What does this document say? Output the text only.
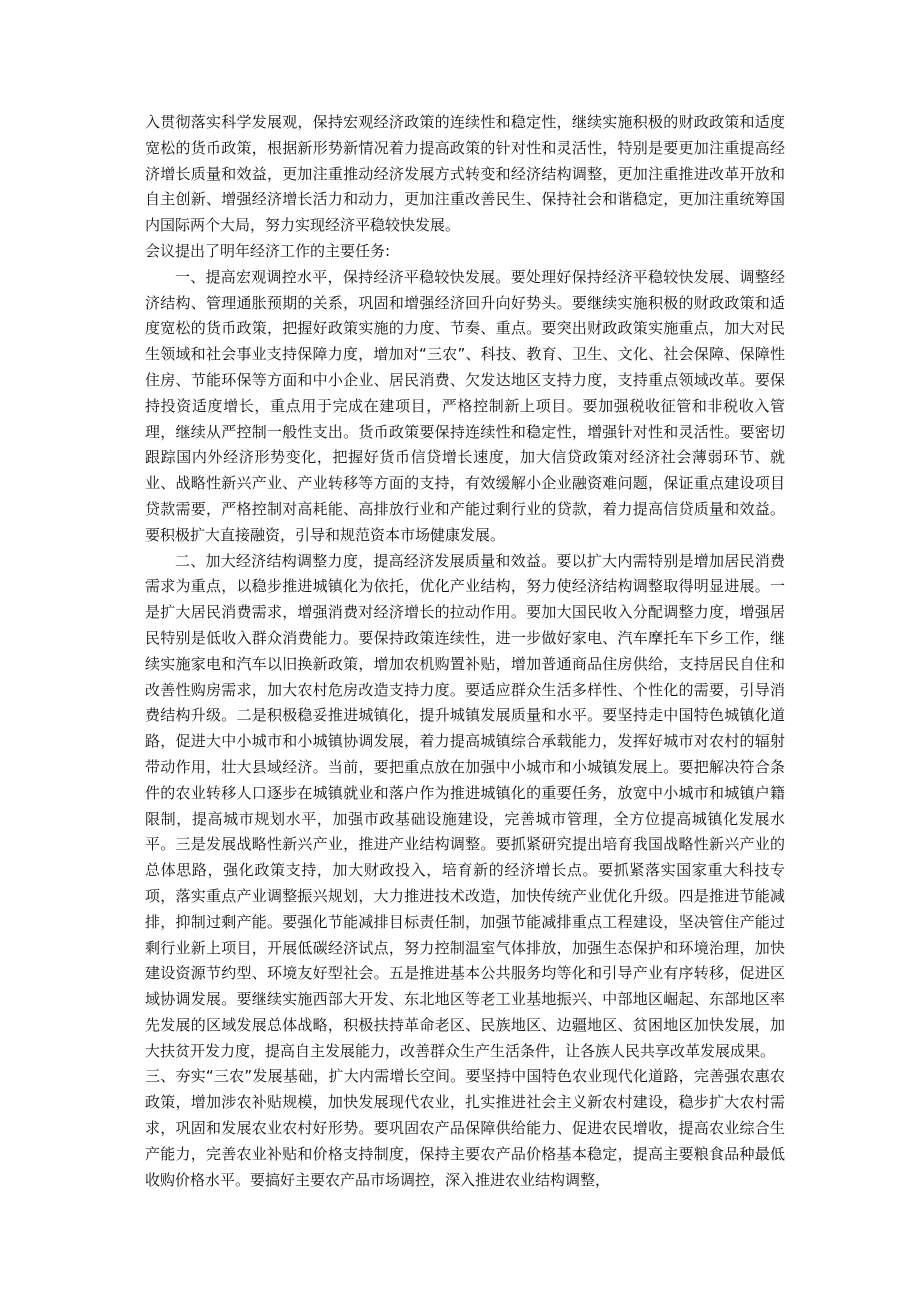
入贯彻落实科学发展观，保持宏观经济政策的连续性和稳定性，继续实施积极的财政政策和适度宽松的货币政策，根据新形势新情况着力提高政策的针对性和灵活性，特别是要更加注重提高经济增长质量和效益，更加注重推动经济发展方式转变和经济结构调整，更加注重推进改革开放和自主创新、增强经济增长活力和动力，更加注重改善民生、保持社会和谐稳定，更加注重统筹国内国际两个大局，努力实现经济平稳较快发展。

会议提出了明年经济工作的主要任务:

一、提高宏观调控水平，保持经济平稳较快发展。要处理好保持经济平稳较快发展、调整经济结构、管理通胀预期的关系，巩固和增强经济回升向好势头。要继续实施积极的财政政策和适度宽松的货币政策，把握好政策实施的力度、节奏、重点。要突出财政政策实施重点，加大对民生领域和社会事业支持保障力度，增加对“三农”、科技、教育、卫生、文化、社会保障、保障性住房、节能环保等方面和中小企业、居民消费、欠发达地区支持力度，支持重点领域改革。要保持投资适度增长，重点用于完成在建项目，严格控制新上项目。要加强税收征管和非税收入管理，继续从严控制一般性支出。货币政策要保持连续性和稳定性，增强针对性和灵活性。要密切跟踪国内外经济形势变化，把握好货币信贷增长速度，加大信贷政策对经济社会薄弱环节、就业、战略性新兴产业、产业转移等方面的支持，有效缓解小企业融资难问题，保证重点建设项目贷款需要，严格控制对高耗能、高排放行业和产能过剩行业的贷款，着力提高信贷质量和效益。要积极扩大直接融资，引导和规范资本市场健康发展。

二、加大经济结构调整力度，提高经济发展质量和效益。要以扩大内需特别是增加居民消费需求为重点，以稳步推进城镇化为依托，优化产业结构，努力使经济结构调整取得明显进展。一是扩大居民消费需求，增强消费对经济增长的拉动作用。要加大国民收入分配调整力度，增强居民特别是低收入群众消费能力。要保持政策连续性，进一步做好家电、汽车摩托车下乡工作，继续实施家电和汽车以旧换新政策，增加农机购置补贴，增加普通商品住房供给，支持居民自住和改善性购房需求，加大农村危房改造支持力度。要适应群众生活多样性、个性化的需要，引导消费结构升级。二是积极稳妥推进城镇化，提升城镇发展质量和水平。要坚持走中国特色城镇化道路，促进大中小城市和小城镇协调发展，着力提高城镇综合承载能力，发挥好城市对农村的辐射带动作用，壮大县域经济。当前，要把重点放在加强中小城市和小城镇发展上。要把解决符合条件的农业转移人口逐步在城镇就业和落户作为推进城镇化的重要任务，放宽中小城市和城镇户籍限制，提高城市规划水平，加强市政基础设施建设，完善城市管理，全方位提高城镇化发展水平。三是发展战略性新兴产业，推进产业结构调整。要抓紧研究提出培育我国战略性新兴产业的总体思路，强化政策支持，加大财政投入，培育新的经济增长点。要抓紧落实国家重大科技专项，落实重点产业调整振兴规划，大力推进技术改造，加快传统产业优化升级。四是推进节能减排，抑制过剩产能。要强化节能减排目标责任制，加强节能减排重点工程建设，坚决管住产能过剩行业新上项目，开展低碳经济试点，努力控制温室气体排放，加强生态保护和环境治理，加快建设资源节约型、环境友好型社会。五是推进基本公共服务均等化和引导产业有序转移，促进区域协调发展。要继续实施西部大开发、东北地区等老工业基地振兴、中部地区崛起、东部地区率先发展的区域发展总体战略，积极扶持革命老区、民族地区、边疆地区、贫困地区加快发展，加大扶贫开发力度，提高自主发展能力，改善群众生产生活条件，让各族人民共享改革发展成果。

三、夯实“三农”发展基础，扩大内需增长空间。要坚持中国特色农业现代化道路，完善强农惠农政策，增加涉农补贴规模，加快发展现代农业，扎实推进社会主义新农村建设，稳步扩大农村需求，巩固和发展农业农村好形势。要巩固农产品保障供给能力、促进农民增收，提高农业综合生产能力，完善农业补贴和价格支持制度，保持主要农产品价格基本稳定，提高主要粮食品种最低收购价格水平。要搞好主要农产品市场调控，深入推进农业结构调整，
